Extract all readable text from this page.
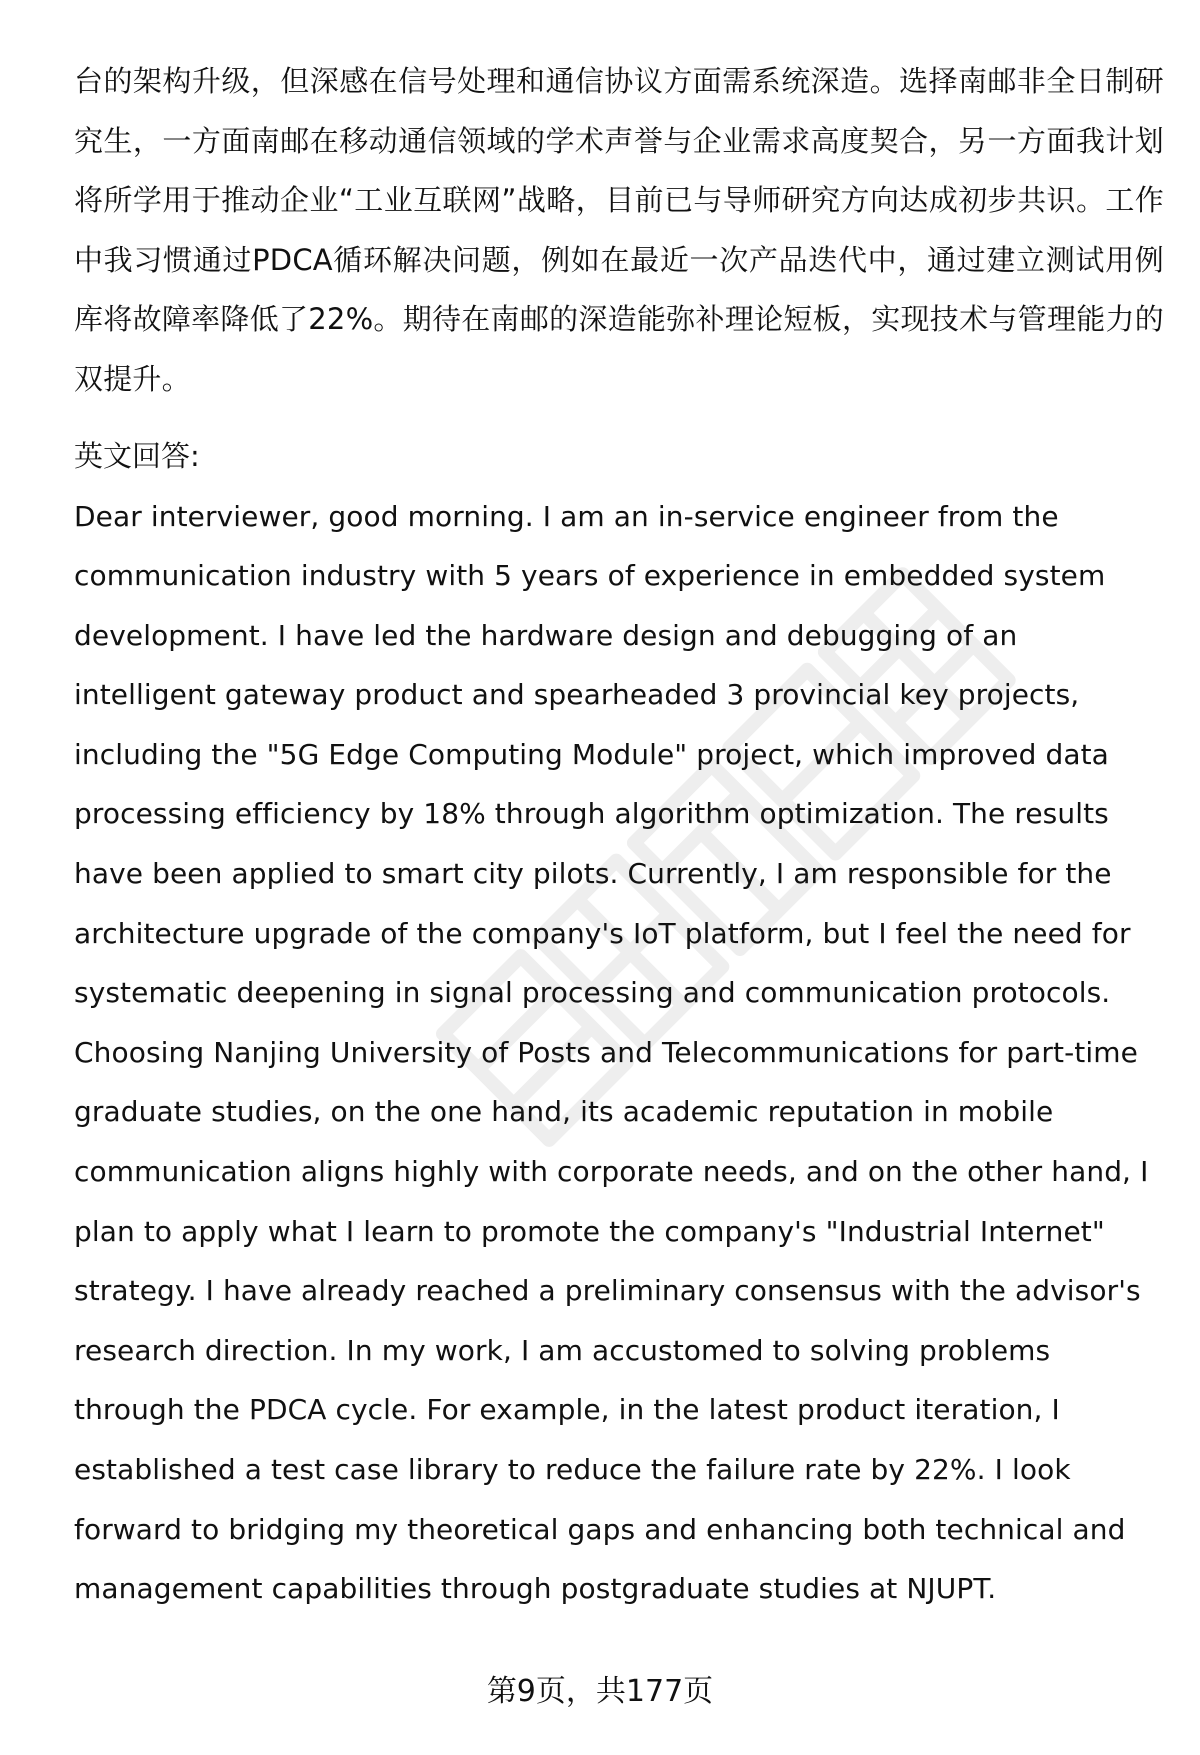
台的架构升级，但深感在信号处理和通信协议方面需系统深造。选择南邮非全日制研究生，一方面南邮在移动通信领域的学术声誉与企业需求高度契合，另一方面我计划将所学用于推动企业“工业互联网”战略，目前已与导师研究方向达成初步共识。工作中我习惯通过PDCA循环解决问题，例如在最近一次产品迭代中，通过建立测试用例库将故障率降低了22%。期待在南邮的深造能弥补理论短板，实现技术与管理能力的双提升。

英文回答:

Dear interviewer, good morning. I am an in-service engineer from the communication industry with 5 years of experience in embedded system development. I have led the hardware design and debugging of an intelligent gateway product and spearheaded 3 provincial key projects, including the "5G Edge Computing Module" project, which improved data processing efficiency by 18% through algorithm optimization. The results have been applied to smart city pilots. Currently, I am responsible for the architecture upgrade of the company's IoT platform, but I feel the need for systematic deepening in signal processing and communication protocols. Choosing Nanjing University of Posts and Telecommunications for part-time graduate studies, on the one hand, its academic reputation in mobile communication aligns highly with corporate needs, and on the other hand, I plan to apply what I learn to promote the company's "Industrial Internet" strategy. I have already reached a preliminary consensus with the advisor's research direction. In my work, I am accustomed to solving problems through the PDCA cycle. For example, in the latest product iteration, I established a test case library to reduce the failure rate by 22%. I look forward to bridging my theoretical gaps and enhancing both technical and management capabilities through postgraduate studies at NJUPT.

第9页，共177页
